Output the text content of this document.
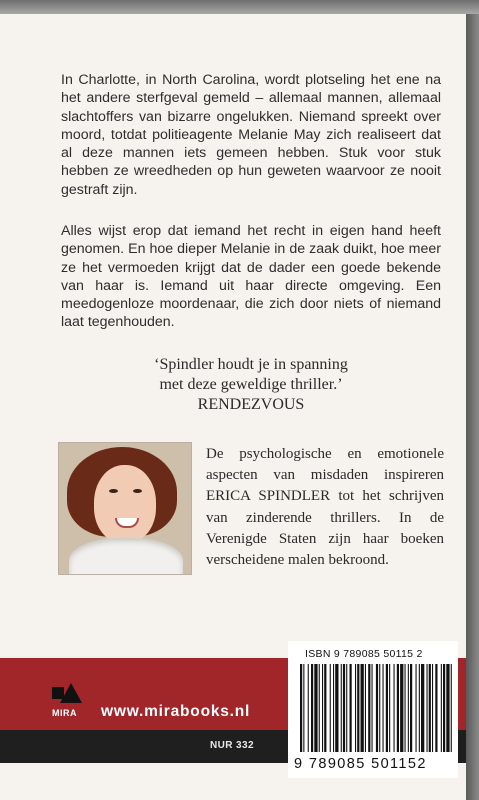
In Charlotte, in North Carolina, wordt plotseling het ene na het andere sterfgeval gemeld – allemaal mannen, allemaal slachtoffers van bizarre ongelukken. Niemand spreekt over moord, totdat politieagente Melanie May zich realiseert dat al deze mannen iets gemeen hebben. Stuk voor stuk hebben ze wreedheden op hun geweten waarvoor ze nooit gestraft zijn.

Alles wijst erop dat iemand het recht in eigen hand heeft genomen. En hoe dieper Melanie in de zaak duikt, hoe meer ze het vermoeden krijgt dat de dader een goede bekende van haar is. Iemand uit haar directe omgeving. Een meedogenloze moordenaar, die zich door niets of niemand laat tegenhouden.

‘Spindler houdt je in spanning
met deze geweldige thriller.’
RENDEZVOUS

De psychologische en emotionele aspecten van misdaden inspireren ERICA SPINDLER tot het schrijven van zinderende thrillers. In de Verenigde Staten zijn haar boeken verscheidene malen bekroond.

MIRA	www.mirabooks.nl
NUR 332
ISBN 9 789085 50115 2
9 789085 501152
